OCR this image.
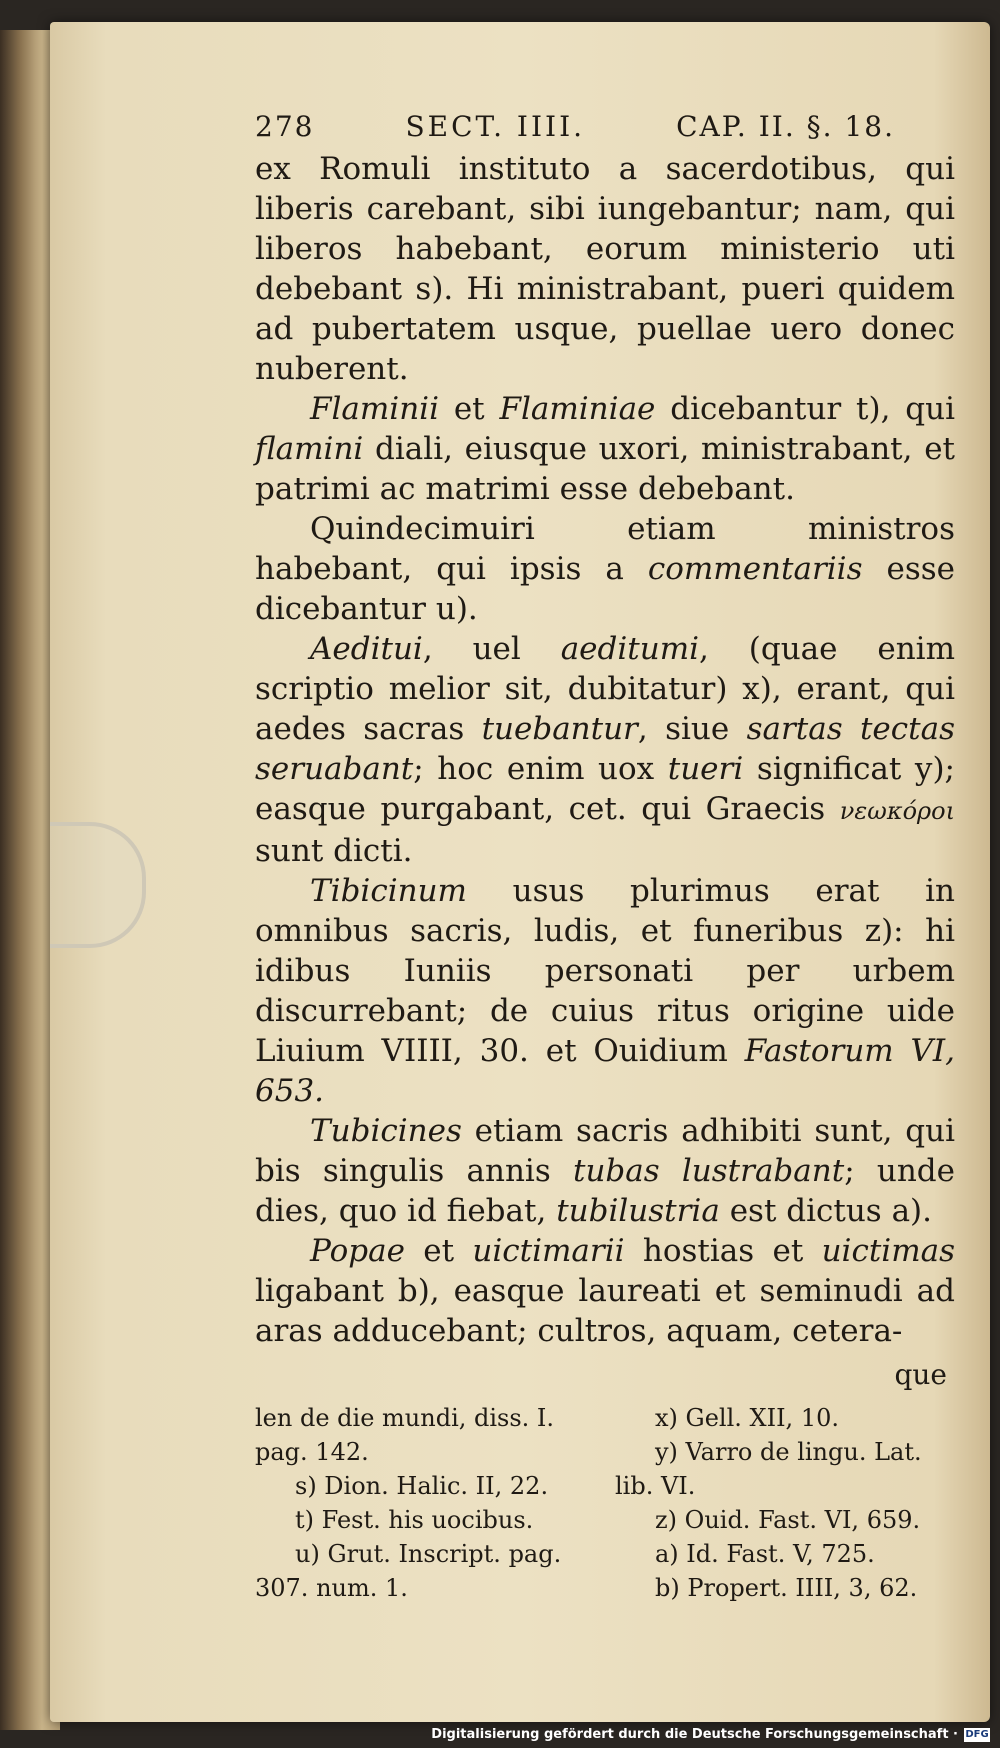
278	SECT. IIII.	CAP. II. §. 18.

ex Romuli instituto a sacerdotibus, qui liberis carebant, sibi iungebantur; nam, qui liberos habebant, eorum ministerio uti debebant s). Hi ministrabant, pueri quidem ad pubertatem usque, puellae uero donec nuberent.

Flaminii et Flaminiae dicebantur t), qui flamini diali, eiusque uxori, ministrabant, et patrimi ac matrimi esse debebant.

Quindecimuiri etiam ministros habebant, qui ipsis a commentariis esse dicebantur u).

Aeditui, uel aeditumi, (quae enim scriptio melior sit, dubitatur) x), erant, qui aedes sacras tuebantur, siue sartas tectas seruabant; hoc enim uox tueri significat y); easque purgabant, cet. qui Graecis νεωκόροι sunt dicti.

Tibicinum usus plurimus erat in omnibus sacris, ludis, et funeribus z): hi idibus Iuniis personati per urbem discurrebant; de cuius ritus origine uide Liuium VIIII, 30. et Ouidium Fastorum VI, 653.

Tubicines etiam sacris adhibiti sunt, qui bis singulis annis tubas lustrabant; unde dies, quo id fiebat, tubilustria est dictus a).

Popae et uictimarii hostias et uictimas ligabant b), easque laureati et seminudi ad aras adducebant; cultros, aquam, cetera-

que
len de die mundi, diss. I.
pag. 142.
s) Dion. Halic. II, 22.
t) Fest. his uocibus.
u) Grut. Inscript. pag.
307. num. 1.
x) Gell. XII, 10.
y) Varro de lingu. Lat.
lib. VI.
z) Ouid. Fast. VI, 659.
a) Id. Fast. V, 725.
b) Propert. IIII, 3, 62.
Digitalisierung gefördert durch die Deutsche Forschungsgemeinschaft · DFG
